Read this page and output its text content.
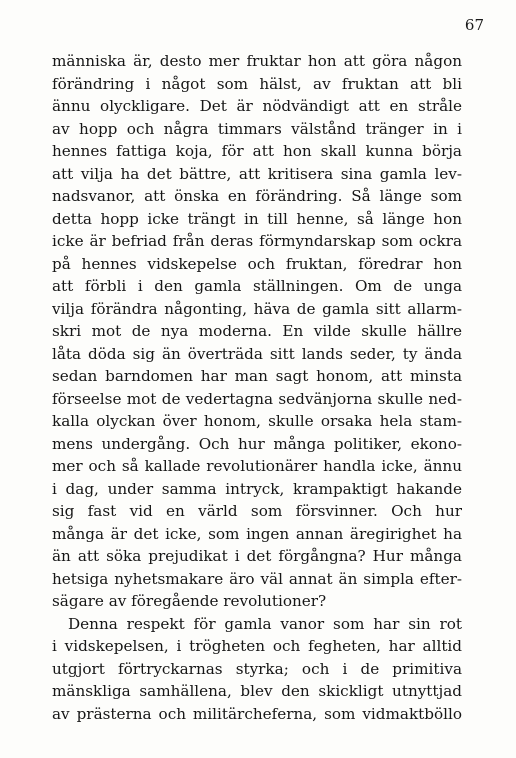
67
människa är, desto mer fruktar hon att göra någon
förändring i något som hälst, av fruktan att bli
ännu olyckligare. Det är nödvändigt att en stråle
av hopp och några timmars välstånd tränger in i
hennes fattiga koja, för att hon skall kunna börja
att vilja ha det bättre, att kritisera sina gamla lev-
nadsvanor, att önska en förändring. Så länge som
detta hopp icke trängt in till henne, så länge hon
icke är befriad från deras förmyndarskap som ockra
på hennes vidskepelse och fruktan, föredrar hon
att förbli i den gamla ställningen. Om de unga
vilja förändra någonting, häva de gamla sitt allarm-
skri mot de nya moderna. En vilde skulle hällre
låta döda sig än överträda sitt lands seder, ty ända
sedan barndomen har man sagt honom, att minsta
förseelse mot de vedertagna sedvänjorna skulle ned-
kalla olyckan över honom, skulle orsaka hela stam-
mens undergång. Och hur många politiker, ekono-
mer och så kallade revolutionärer handla icke, ännu
i dag, under samma intryck, krampaktigt hakande
sig fast vid en värld som försvinner. Och hur
många är det icke, som ingen annan äregirighet ha
än att söka prejudikat i det förgångna? Hur många
hetsiga nyhetsmakare äro väl annat än simpla efter-
sägare av föregående revolutioner?
Denna respekt för gamla vanor som har sin rot
i vidskepelsen, i trögheten och fegheten, har alltid
utgjort förtryckarnas styrka; och i de primitiva
mänskliga samhällena, blev den skickligt utnyttjad
av prästerna och militärcheferna, som vidmaktböllo
